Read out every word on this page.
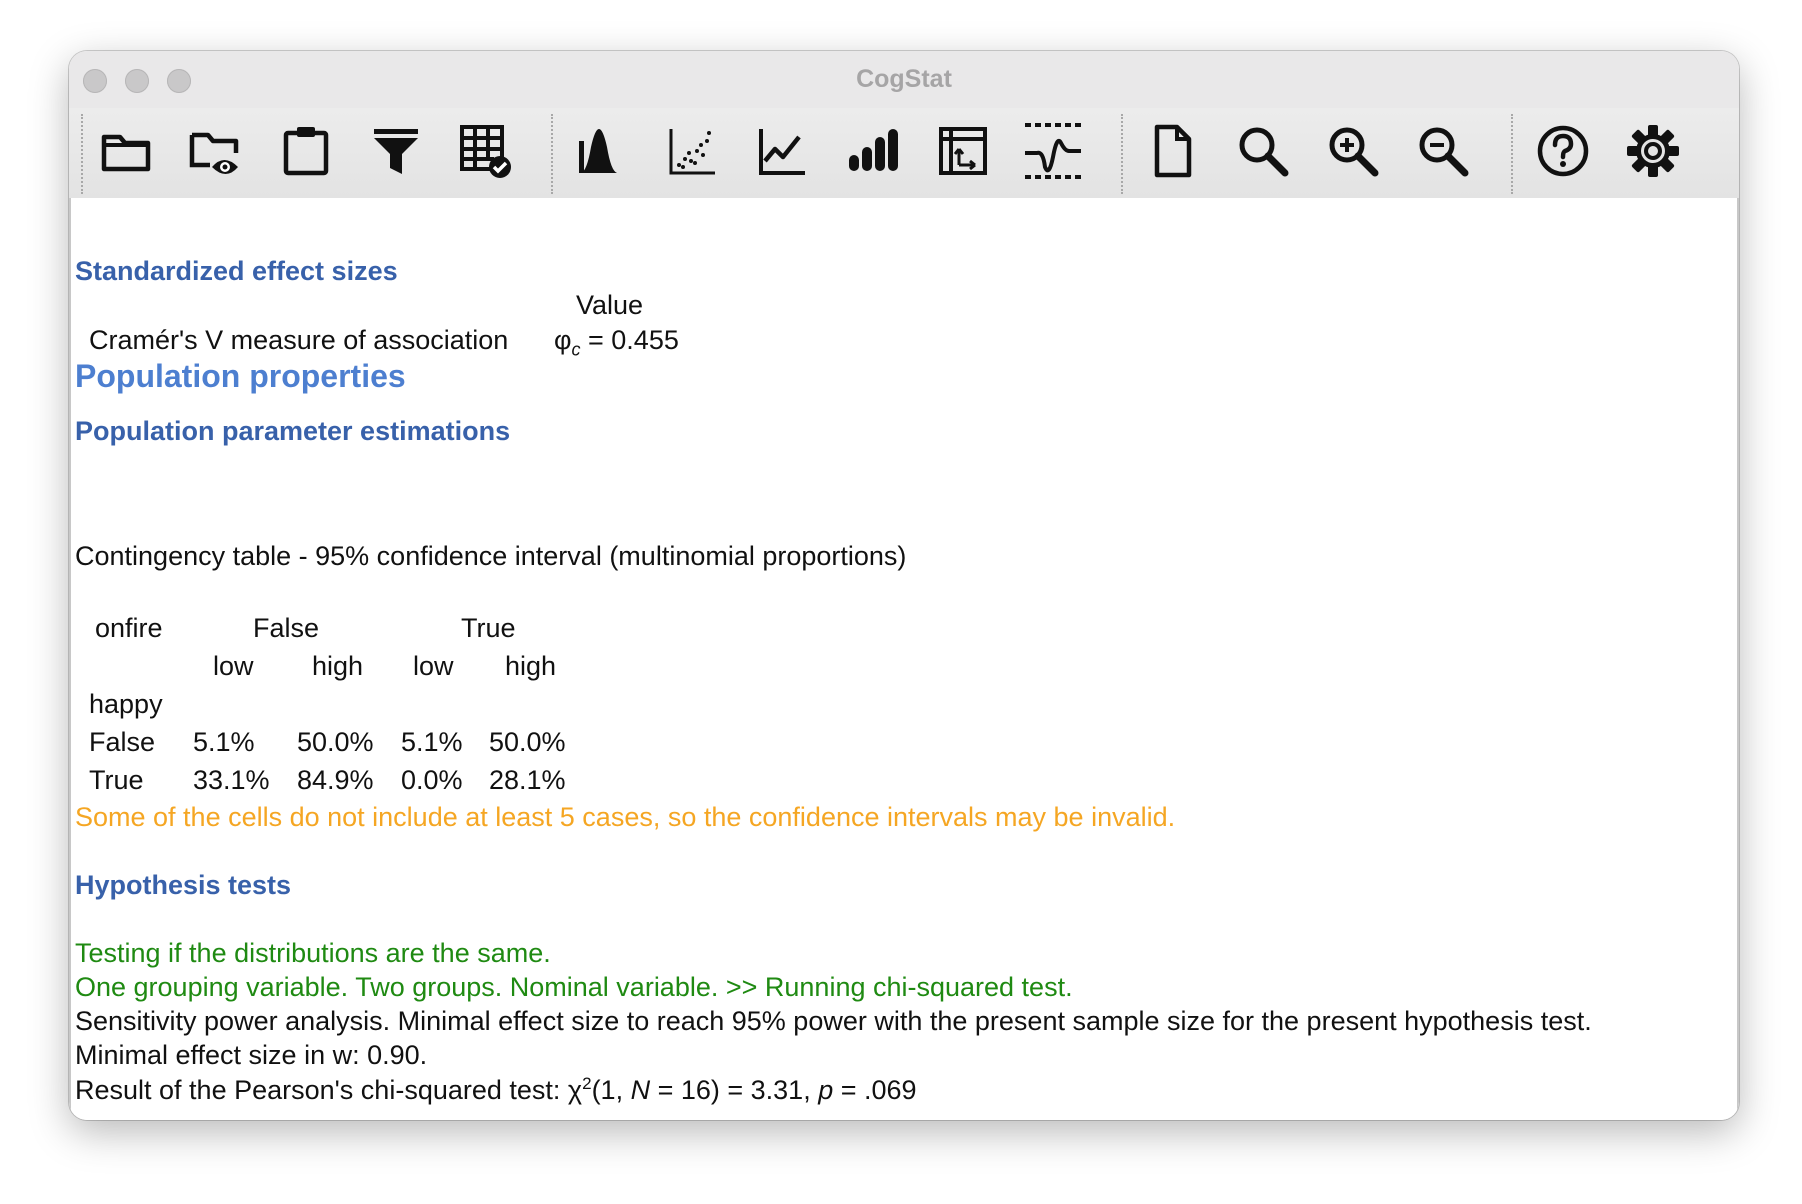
CogStat
Standardized effect sizes
Value
Cramér's V measure of association $\varphi_c = 0.455$
Population properties
Population parameter estimations
Contingency table - 95% confidence interval (multinomial proportions)
onfire	False	True
low high low high
happy
False 5.1% 50.0% 5.1% 50.0%
True 33.1% 84.9% 0.0% 28.1%
Some of the cells do not include at least 5 cases, so the confidence intervals may be invalid.
Hypothesis tests
Testing if the distributions are the same.
One grouping variable. Two groups. Nominal variable. >> Running chi-squared test.
Sensitivity power analysis. Minimal effect size to reach 95% power with the present sample size for the present hypothesis test.
Minimal effect size in w: 0.90.
Result of the Pearson's chi-squared test: $\chi^2(1$, N = 16) = 3.31, p = .069
